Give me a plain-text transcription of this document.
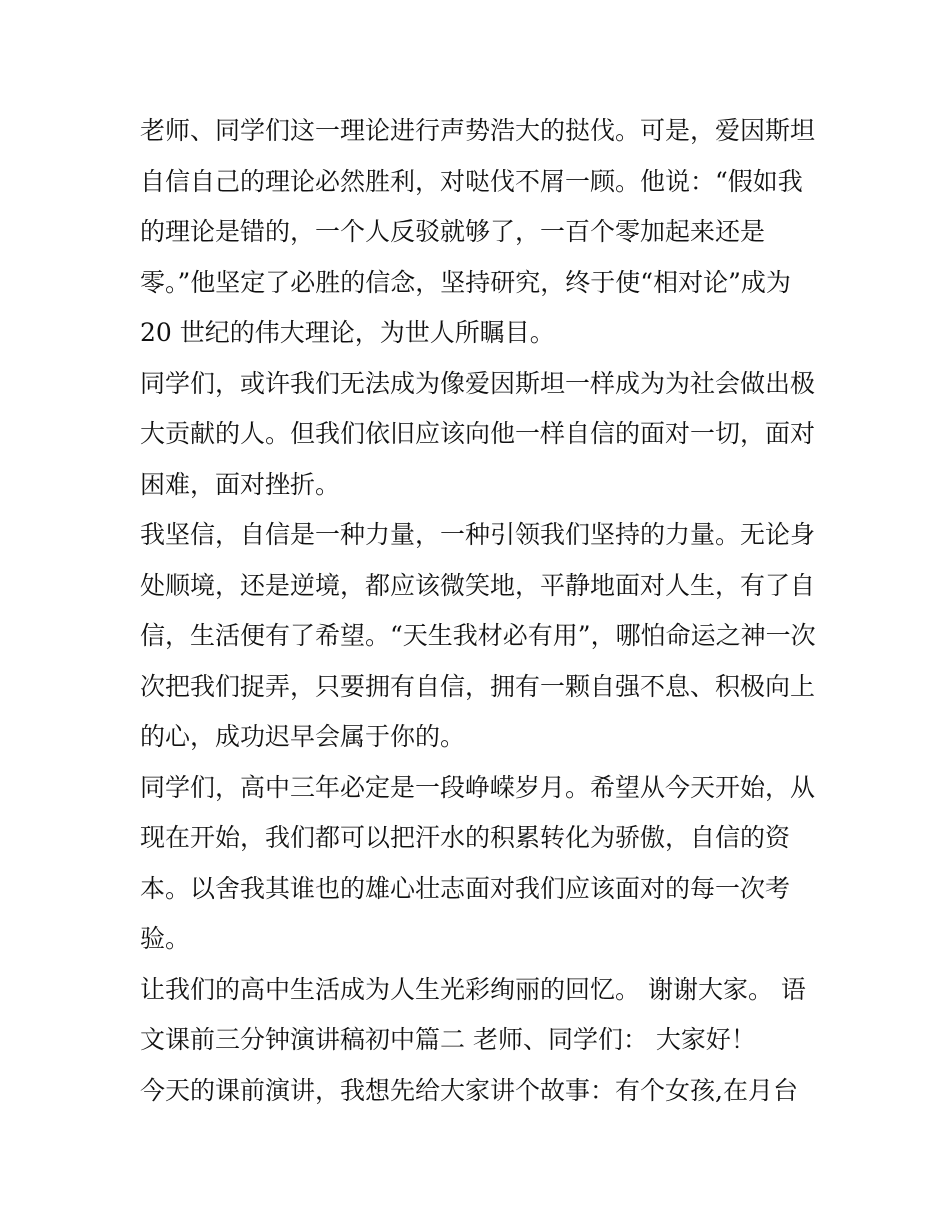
老师、同学们这一理论进行声势浩大的挞伐。可是，爱因斯坦
自信自己的理论必然胜利，对哒伐不屑一顾。他说：“假如我
的理论是错的，一个人反驳就够了，一百个零加起来还是
零。”他坚定了必胜的信念，坚持研究，终于使“相对论”成为
20 世纪的伟大理论，为世人所瞩目。
同学们，或许我们无法成为像爱因斯坦一样成为为社会做出极
大贡献的人。但我们依旧应该向他一样自信的面对一切，面对
困难，面对挫折。
我坚信，自信是一种力量，一种引领我们坚持的力量。无论身
处顺境，还是逆境，都应该微笑地，平静地面对人生，有了自
信，生活便有了希望。“天生我材必有用”，哪怕命运之神一次
次把我们捉弄，只要拥有自信，拥有一颗自强不息、积极向上
的心，成功迟早会属于你的。
同学们，高中三年必定是一段峥嵘岁月。希望从今天开始，从
现在开始，我们都可以把汗水的积累转化为骄傲，自信的资
本。以舍我其谁也的雄心壮志面对我们应该面对的每一次考
验。
让我们的高中生活成为人生光彩绚丽的回忆。 谢谢大家。 语
文课前三分钟演讲稿初中篇二 老师、同学们： 大家好！
今天的课前演讲，我想先给大家讲个故事：有个女孩,在月台
